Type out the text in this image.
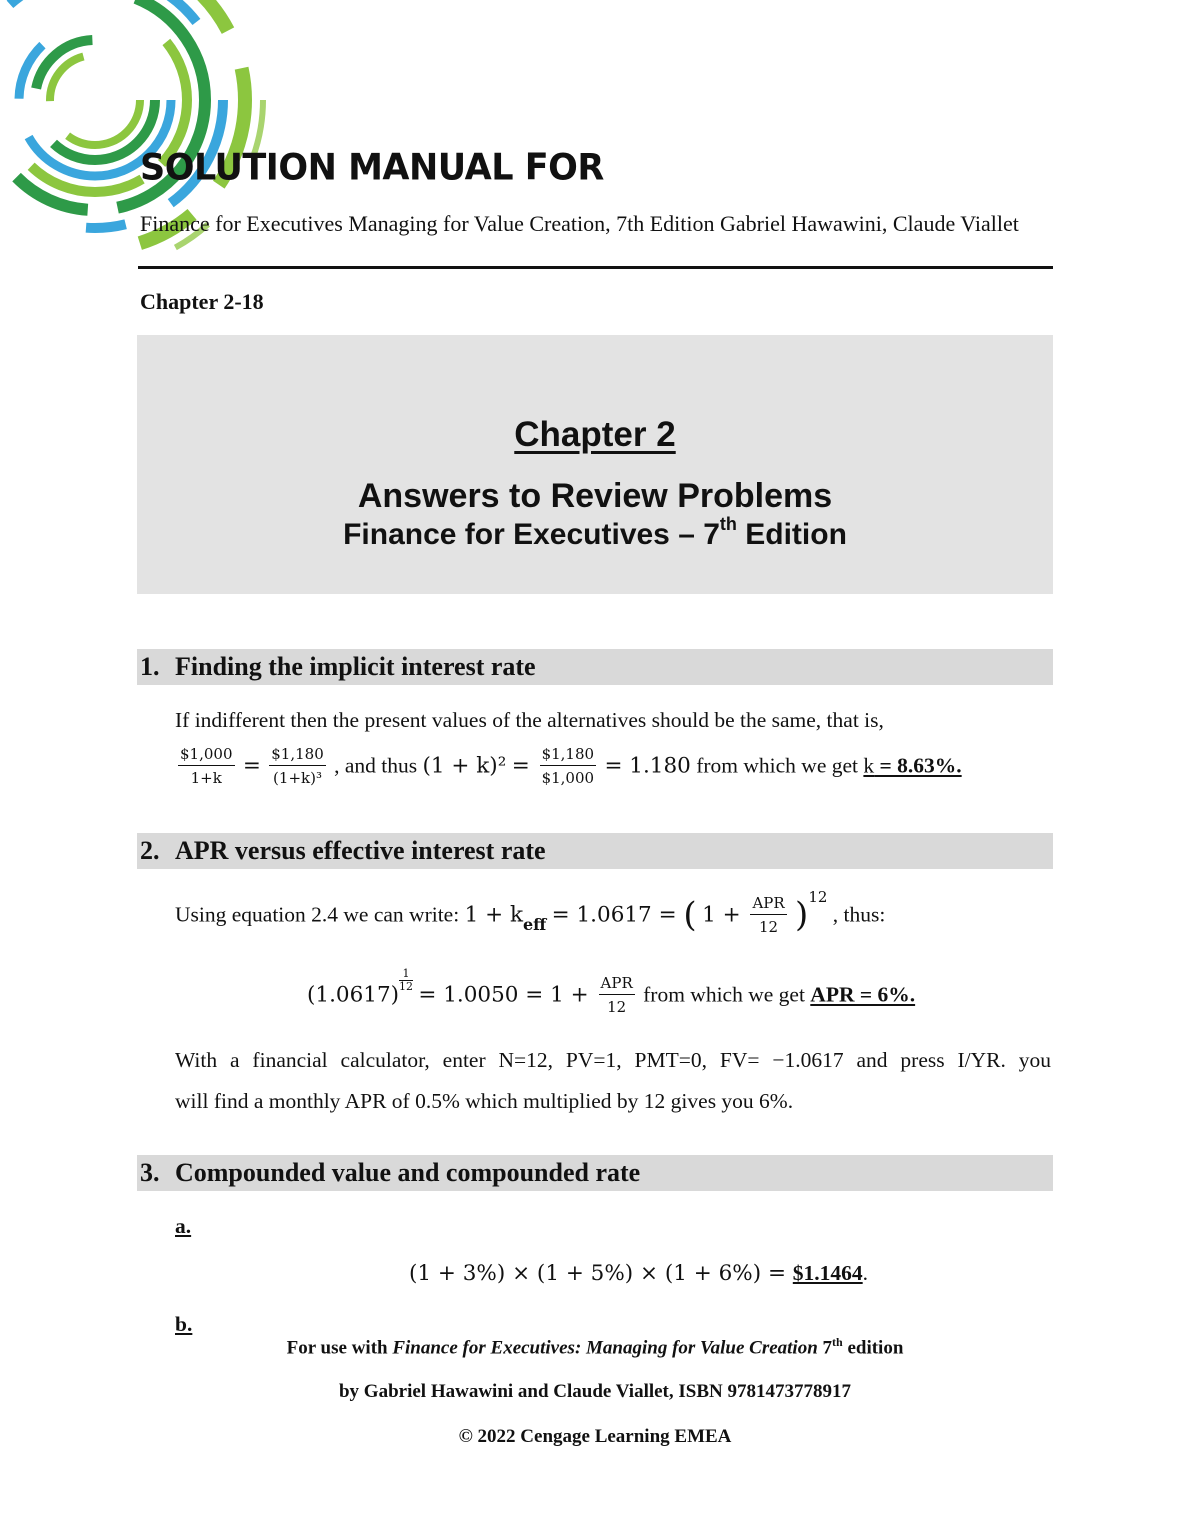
SOLUTION MANUAL FOR
Finance for Executives Managing for Value Creation, 7th Edition Gabriel Hawawini, Claude Viallet
Chapter 2-18
Chapter 2
Answers to Review Problems
Finance for Executives – 7th Edition
1. Finding the implicit interest rate
If indifferent then the present values of the alternatives should be the same, that is,
$\frac{\$1,000}{1+k} = \frac{\$1,180}{\text{(1+k)³}}$ , and thus $(1 + k)^2 = \frac{\$1,180}{\$1,000} = 1.180$ from which we get k = 8.63%.
2. APR versus effective interest rate
Using equation 2.4 we can write: $1 + k_{eff} = 1.0617$ = ( $1 + \frac{\text{APR}}{12} )^{12}$ , thus:
(1.0617)
$\frac{1}{12}$
= $1.0050 = 1 + \frac{\text{APR}}{12}$ from which we get APR = 6%.
With a financial calculator, enter N=12, PV=1, PMT=0, FV= −1.0617 and press I/YR. you
will find a monthly APR of 0.5% which multiplied by 12 gives you 6%.
3. Compounded value and compounded rate
a.
(1 + 3%) × (1 + 5%) × (1 + 6%) = $1.1464.
b.
For use with Finance for Executives: Managing for Value Creation 7th edition
by Gabriel Hawawini and Claude Viallet, ISBN 9781473778917
© 2022 Cengage Learning EMEA
